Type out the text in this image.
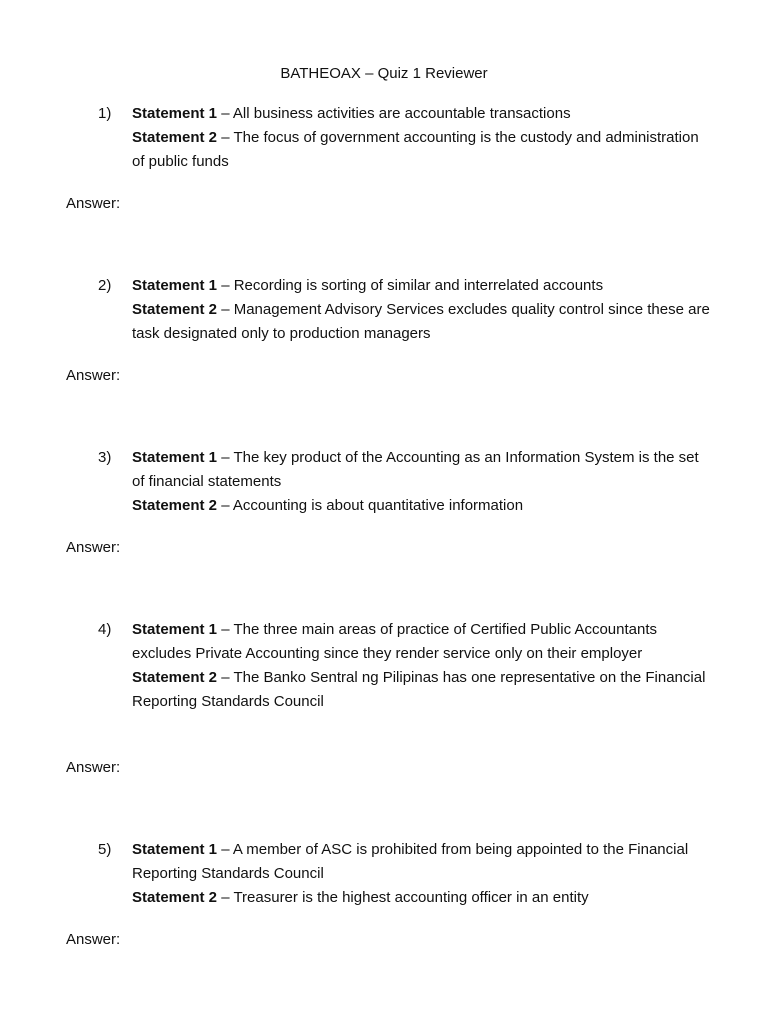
BATHEOAX – Quiz 1 Reviewer
1)	Statement 1 – All business activities are accountable transactions
Statement 2 – The focus of government accounting is the custody and administration of public funds
Answer:
2)	Statement 1 – Recording is sorting of similar and interrelated accounts
Statement 2 – Management Advisory Services excludes quality control since these are task designated only to production managers
Answer:
3)	Statement 1 – The key product of the Accounting as an Information System is the set of financial statements
Statement 2 – Accounting is about quantitative information
Answer:
4)	Statement 1 – The three main areas of practice of Certified Public Accountants excludes Private Accounting since they render service only on their employer
Statement 2 – The Banko Sentral ng Pilipinas has one representative on the Financial Reporting Standards Council
Answer:
5)	Statement 1 – A member of ASC is prohibited from being appointed to the Financial Reporting Standards Council
Statement 2 – Treasurer is the highest accounting officer in an entity
Answer:
